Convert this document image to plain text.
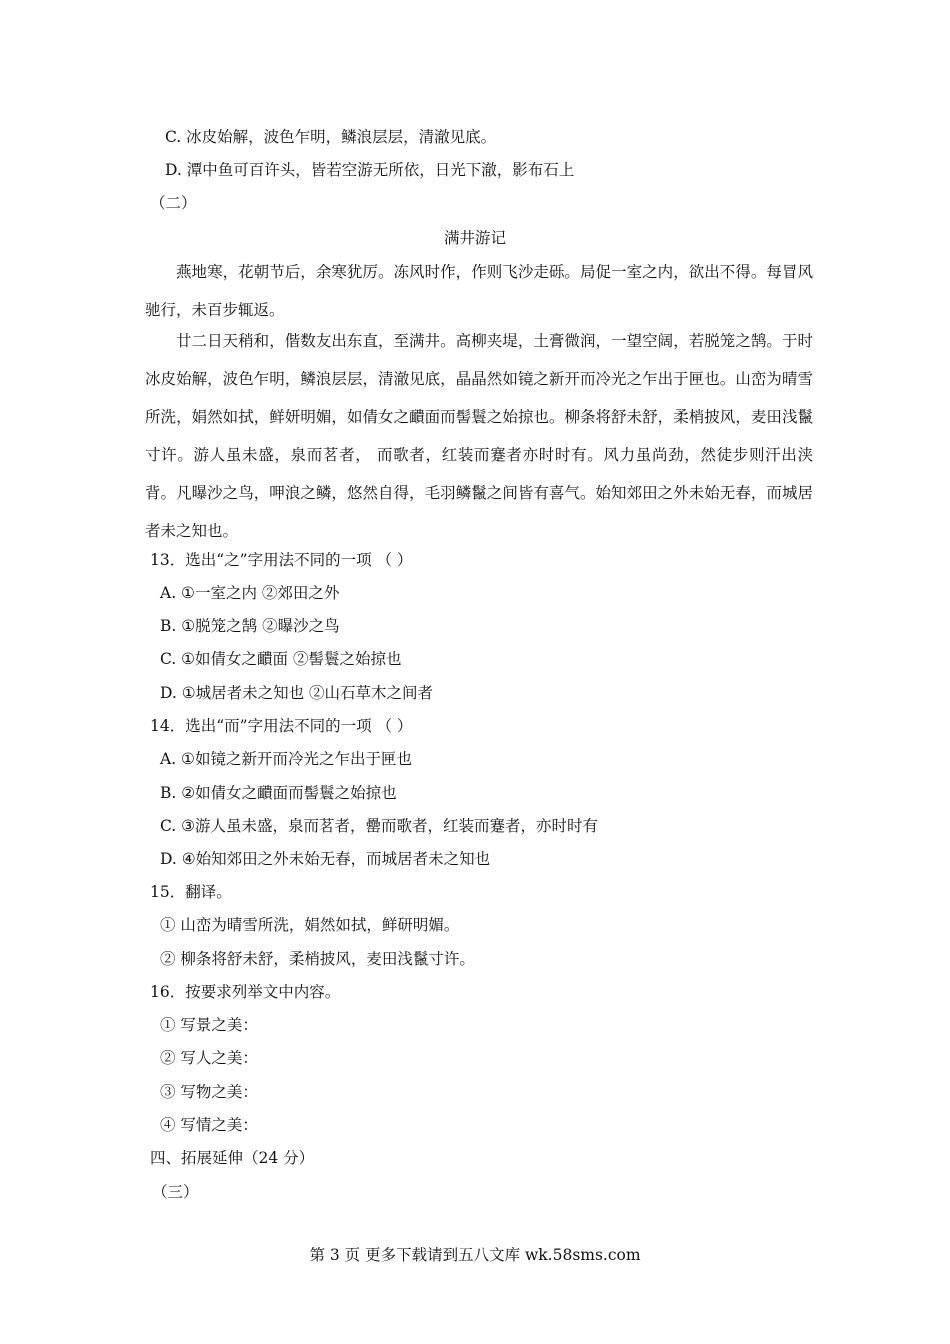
C. 冰皮始解，波色乍明，鳞浪层层，清澈见底。
D. 潭中鱼可百许头，皆若空游无所依，日光下澈，影布石上
（二）
满井游记
燕地寒，花朝节后，余寒犹厉。冻风时作，作则飞沙走砾。局促一室之内，欲出不得。每冒风驰行，未百步辄返。
廿二日天稍和，偕数友出东直，至满井。高柳夹堤，土膏微润，一望空阔，若脱笼之鹄。于时冰皮始解，波色乍明，鳞浪层层，清澈见底，晶晶然如镜之新开而冷光之乍出于匣也。山峦为晴雪所洗，娟然如拭，鲜妍明媚，如倩女之靧面而髻鬟之始掠也。柳条将舒未舒，柔梢披风，麦田浅鬣寸许。游人虽未盛，泉而茗者， 而歌者，红装而蹇者亦时时有。风力虽尚劲，然徒步则汗出浃背。凡曝沙之鸟，呷浪之鳞，悠然自得，毛羽鳞鬣之间皆有喜气。始知郊田之外未始无春，而城居者未之知也。
13．选出“之”字用法不同的一项 （ ）
A. ①一室之内 ②郊田之外
B. ①脱笼之鹄 ②曝沙之鸟
C. ①如倩女之靧面 ②髻鬟之始掠也
D. ①城居者未之知也 ②山石草木之间者
14．选出“而”字用法不同的一项 （ ）
A. ①如镜之新开而冷光之乍出于匣也
B. ②如倩女之靧面而髻鬟之始掠也
C. ③游人虽未盛，泉而茗者，罍而歌者，红装而蹇者，亦时时有
D. ④始知郊田之外未始无春，而城居者未之知也
15．翻译。
① 山峦为晴雪所洗，娟然如拭，鲜研明媚。
② 柳条将舒未舒，柔梢披风，麦田浅鬣寸许。
16．按要求列举文中内容。
① 写景之美：
② 写人之美：
③ 写物之美：
④ 写情之美：
四、拓展延伸（24 分）
（三）
第 3 页 更多下载请到五八文库 wk.58sms.com
